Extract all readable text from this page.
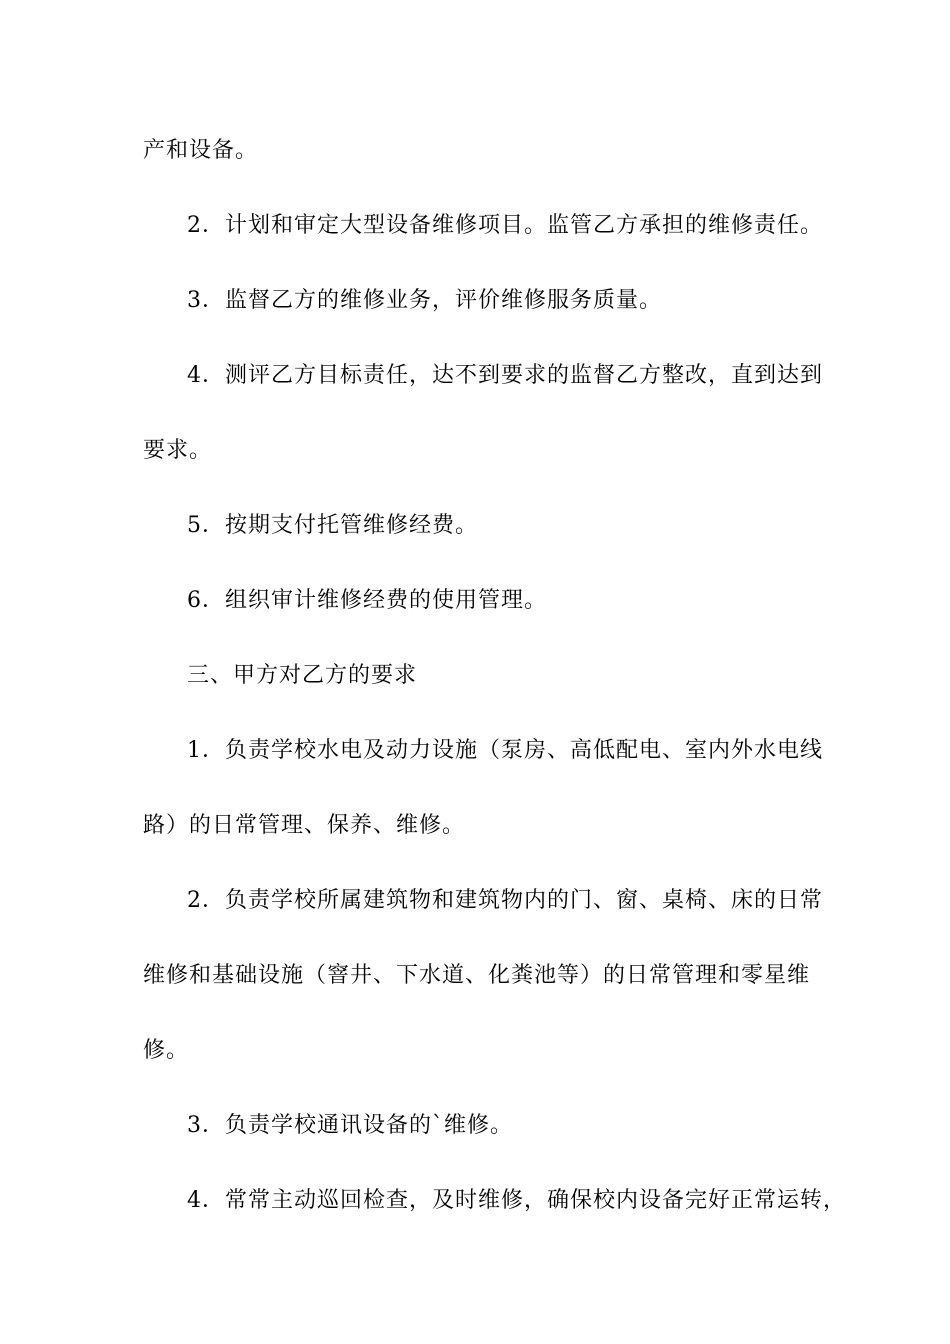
产和设备。
2．计划和审定大型设备维修项目。监管乙方承担的维修责任。
3．监督乙方的维修业务，评价维修服务质量。
4．测评乙方目标责任，达不到要求的监督乙方整改，直到达到
要求。
5．按期支付托管维修经费。
6．组织审计维修经费的使用管理。
三、甲方对乙方的要求
1．负责学校水电及动力设施（泵房、高低配电、室内外水电线
路）的日常管理、保养、维修。
2．负责学校所属建筑物和建筑物内的门、窗、桌椅、床的日常
维修和基础设施（窨井、下水道、化粪池等）的日常管理和零星维
修。
3．负责学校通讯设备的`维修。
4．常常主动巡回检查，及时维修，确保校内设备完好正常运转，
